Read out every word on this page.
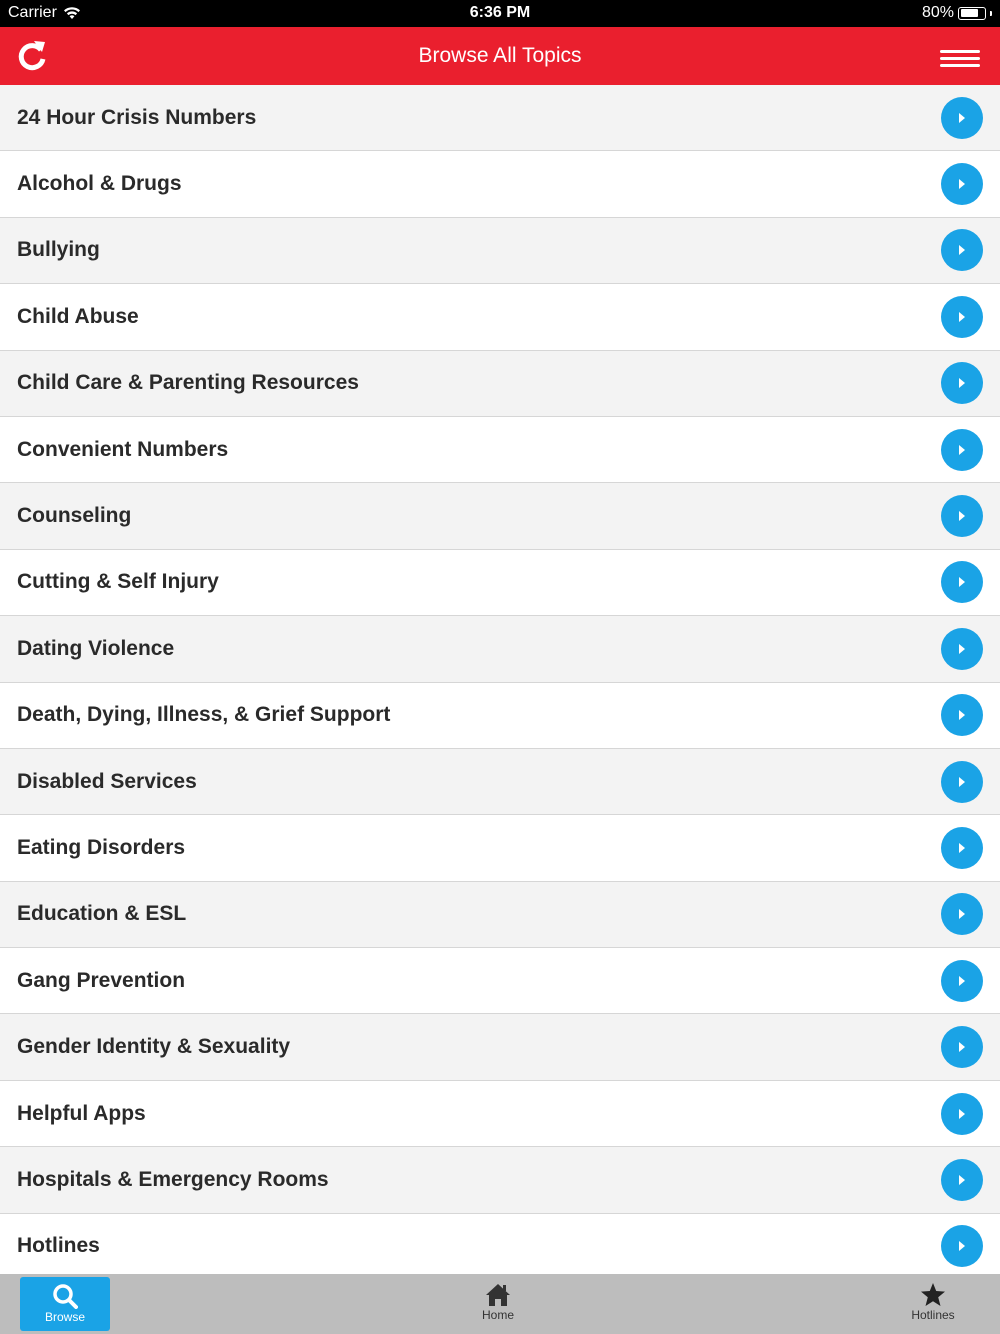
Carrier	6:36 PM	80%
Browse All Topics
24 Hour Crisis Numbers
Alcohol & Drugs
Bullying
Child Abuse
Child Care & Parenting Resources
Convenient Numbers
Counseling
Cutting & Self Injury
Dating Violence
Death, Dying, Illness, & Grief Support
Disabled Services
Eating Disorders
Education & ESL
Gang Prevention
Gender Identity & Sexuality
Helpful Apps
Hospitals & Emergency Rooms
Hotlines
Browse	Home	Hotlines
